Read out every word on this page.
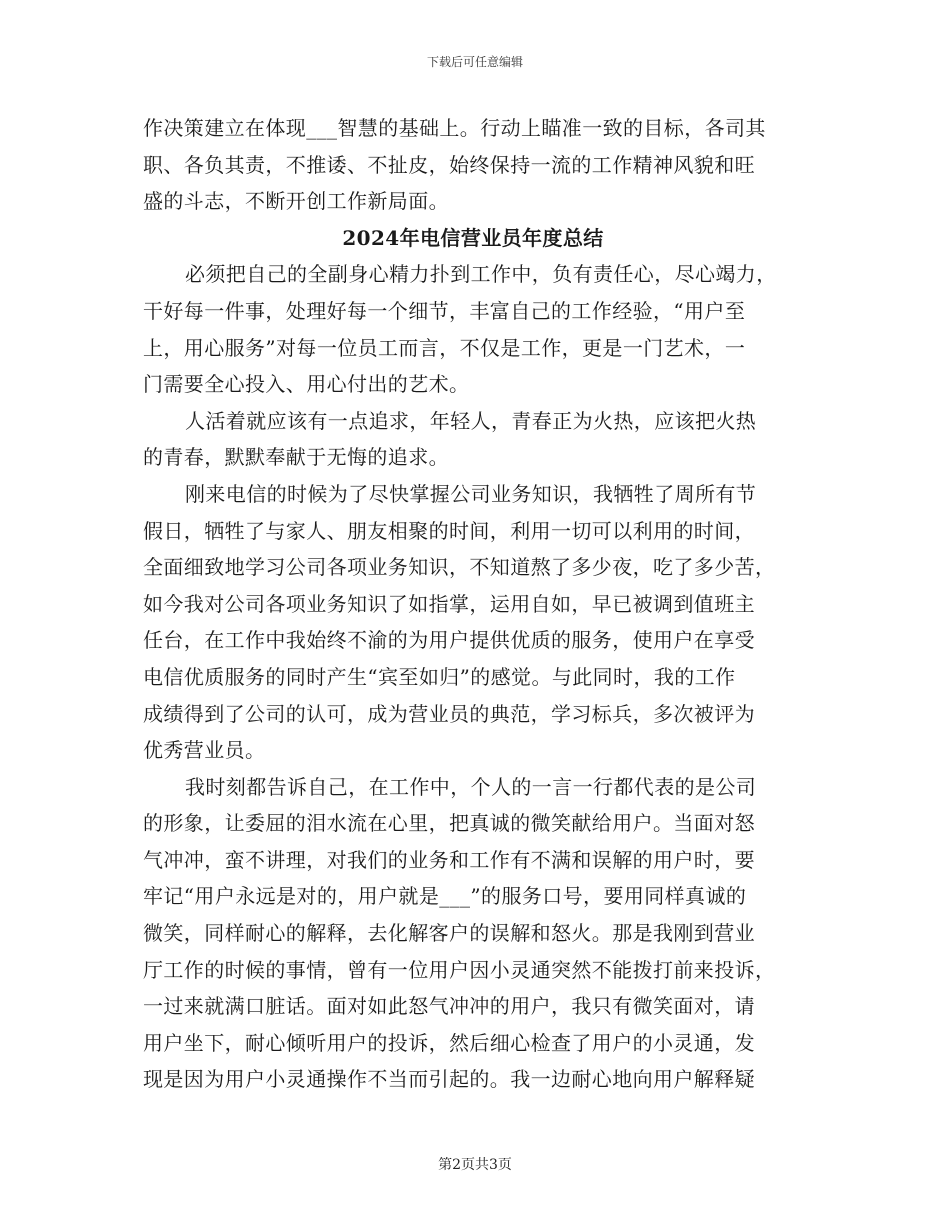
下载后可任意编辑
作决策建立在体现___智慧的基础上。行动上瞄准一致的目标，各司其
职、各负其责，不推诿、不扯皮，始终保持一流的工作精神风貌和旺
盛的斗志，不断开创工作新局面。
2024年电信营业员年度总结
必须把自己的全副身心精力扑到工作中，负有责任心，尽心竭力，
干好每一件事，处理好每一个细节，丰富自己的工作经验，“用户至
上，用心服务”对每一位员工而言，不仅是工作，更是一门艺术，一
门需要全心投入、用心付出的艺术。
人活着就应该有一点追求，年轻人，青春正为火热，应该把火热
的青春，默默奉献于无悔的追求。
刚来电信的时候为了尽快掌握公司业务知识，我牺牲了周所有节
假日，牺牲了与家人、朋友相聚的时间，利用一切可以利用的时间，
全面细致地学习公司各项业务知识，不知道熬了多少夜，吃了多少苦，
如今我对公司各项业务知识了如指掌，运用自如，早已被调到值班主
任台，在工作中我始终不渝的为用户提供优质的服务，使用户在享受
电信优质服务的同时产生“宾至如归”的感觉。与此同时，我的工作
成绩得到了公司的认可，成为营业员的典范，学习标兵，多次被评为
优秀营业员。
我时刻都告诉自己，在工作中，个人的一言一行都代表的是公司
的形象，让委屈的泪水流在心里，把真诚的微笑献给用户。当面对怒
气冲冲，蛮不讲理，对我们的业务和工作有不满和误解的用户时，要
牢记“用户永远是对的，用户就是___”的服务口号，要用同样真诚的
微笑，同样耐心的解释，去化解客户的误解和怒火。那是我刚到营业
厅工作的时候的事情，曾有一位用户因小灵通突然不能拨打前来投诉，
一过来就满口脏话。面对如此怒气冲冲的用户，我只有微笑面对，请
用户坐下，耐心倾听用户的投诉，然后细心检查了用户的小灵通，发
现是因为用户小灵通操作不当而引起的。我一边耐心地向用户解释疑
第2页共3页
